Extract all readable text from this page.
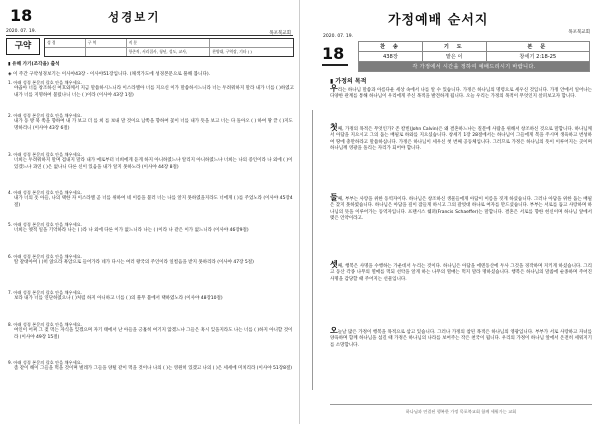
18	성경보기
2020. 07. 19.	목포북교회
구약	성 경	구 역	직 분
항존직, 서리집사, 청년, 성도, 교사,	찬양대, 구역장, 기타 ( )
▮ 유해 가기(조각을) 출석
◈ 이 주간 구약성경보기는 이사야43장 - 이사야51장입니다. (채색가도에 성경본문으로 풀해 봅니다).
1. 아래 성경 본문의 괄호 안을 채우세요.
야곱아 너를 창조하신 여호와께서 지금 말씀하시느니라 이스라엘아 너를 지으신 이가 말씀하시느니라 너는 두려워하지 말라 내가 너를 ( )하였고 내가 너를 지명하여 불렀나니 너는 ( )이라 (이사야 43장 1절)
2. 아래 성경 본문의 괄호 안을 채우세요.
내가 동 방 북 쪽을 향하여 내 가 보고 더 를 희 를 보내 말 것이요 남쪽을 향하여 꽃이 너를 내가 뜻을 보고 너는 다 돌아오 ( ) 하여 땅 끝 ( )지도 명하리니 (이사야 43장 6절)
3. 아래 성경 본문의 괄호 안을 채우세요.
너희는 두려워하지 말며 겁내지 말라 내가 예로부터 너희에게 듣게 하지 아니하였느냐 알리지 아니하였느냐 너희는 나의 증인이라 나 외에 ( )이 있겠느냐 과연 ( )은 없나니 다른 신이 있음을 내가 알지 못하노라 (이사야 44장 8절)
4. 아래 성경 본문의 괄호 안을 채우세요.
내가 너의 옷 아들, 나의 택한 자 이스라엘 곧 너를 위하여 네 이름을 불러 너는 나를 알지 못하였을지라도 너에게 ( )를 주었노라 (이사야 45장4절)
5. 아래 성경 본문의 괄호 안을 채우세요.
너희는 옛적 일을 기억하라 나는 ( )라 나 외에 다른 이가 없느니라 나는 ( )이라 나 같은 이가 없느니라 (이사야 46장9절)
6. 아래 성경 본문의 괄호 안을 채우세요.
딸 갈대아여 ( )히 앉으라 흑암으로 들어가라 네가 다시는 여러 왕국의 주인이라 일컬음을 받지 못하리라 (이사야 47장 5절)
7. 아래 성경 본문의 괄호 안을 채우세요.
보라 내가 너를 연단하였으나 ( )처럼 하지 아니하고 너를 ( )의 풀무 불에서 택하였노라 (이사야 48장10절)
8. 아래 성경 본문의 괄호 안을 채우세요.
여인이 어찌 그 젖 먹는 자식을 잊겠으며 자기 태에서 난 아들을 긍휼히 여기지 않겠느냐 그들은 혹시 잊을지라도 나는 너를 ( )하지 아니할 것이라 (이사야 49장 15절)
9. 아래 성경 본문의 괄호 안을 채우세요.
좀 같이 해이 그들을 먹을 것이며 벌레가 그들을 양털 같이 먹을 것이나 나의 ( )는 영원히 있겠고 나의 ( )은 세세에 미치리라 (이사야 51장8절)
가정예배 순서지
목포북교회
2020. 07. 19.
18	찬 송	기 도	본 문
438장	맡은 이	창세기 2:18-25
각 가정에서 시간을 정하여 예배드리시기 바랍니다.		
▮ 가정의 목적
우리는 하나님 말씀과 아름다운 세상 속에서 나를 알 수 있습니다. 가정은 하나님의 명령으로 세우신 것입니다. 가정 안에서 일어나는 다양한 관계를 통해 하나님이 우리에게 주신 목적을 발견하게 됩니다. 오늘 우리는 가정의 목적이 무엇인지 살펴보고자 합니다.
첫째, 가정의 목적은 무엇인가? 존 칼빈(John Calvin)은 왜 결혼하느냐는 질문에 사람을 위해서 창조하신 것으로 말합니다. 하나님께서 아담을 지으시고 그의 돕는 배필로 하와를 지으셨습니다. 창세기 1장 28절에서는 하나님이 그들에게 복을 주시며 생육하고 번성하여 땅에 충만하라고 말씀하십니다. 가정은 하나님이 세우신 첫 번째 공동체입니다. 그러므로 가정은 하나님의 뜻이 이루어지는 곳이며 하나님께 영광을 돌리는 자리가 되어야 합니다.
둘째, 부부는 사랑을 위한 동역자이다. 하나님은 창조하신 생물들에게 아담이 이름을 짓게 하셨습니다. 그러나 아담을 위한 돕는 배필은 찾지 못하였습니다. 하나님은 아담을 깊이 잠들게 하시고 그의 갈빗대 하나로 여자를 만드셨습니다. 부부는 서로를 돕고 사랑하며 하나님의 뜻을 이루어가는 동역자입니다. 프랜시스 쉐퍼(Francis Schaeffer)는 말합니다. 결혼은 서로를 향한 헌신이며 하나님 앞에서 맺은 언약이라고.
셋째, 행복은 사명을 수행하는 가운데서 누리는 것이다. 하나님은 아담을 에덴동산에 두사 그것을 경작하며 지키게 하셨습니다. 그리고 동산 각종 나무의 열매를 먹되 선악을 알게 하는 나무의 열매는 먹지 말라 명하셨습니다. 행복은 하나님의 말씀에 순종하며 주어진 사명을 감당할 때 주어지는 선물입니다.
오늘날 많은 가정이 행복을 목적으로 삼고 있습니다. 그러나 가정의 참된 목적은 하나님의 영광입니다. 부부가 서로 사랑하고 자녀를 양육하며 함께 하나님을 섬길 때 가정은 하나님의 나라를 보여주는 작은 천국이 됩니다. 우리의 가정이 하나님 앞에서 온전히 세워지기를 소망합니다.
하나님과 연결된 행복한 가정 목포북교회 함께 세워가는 교회
